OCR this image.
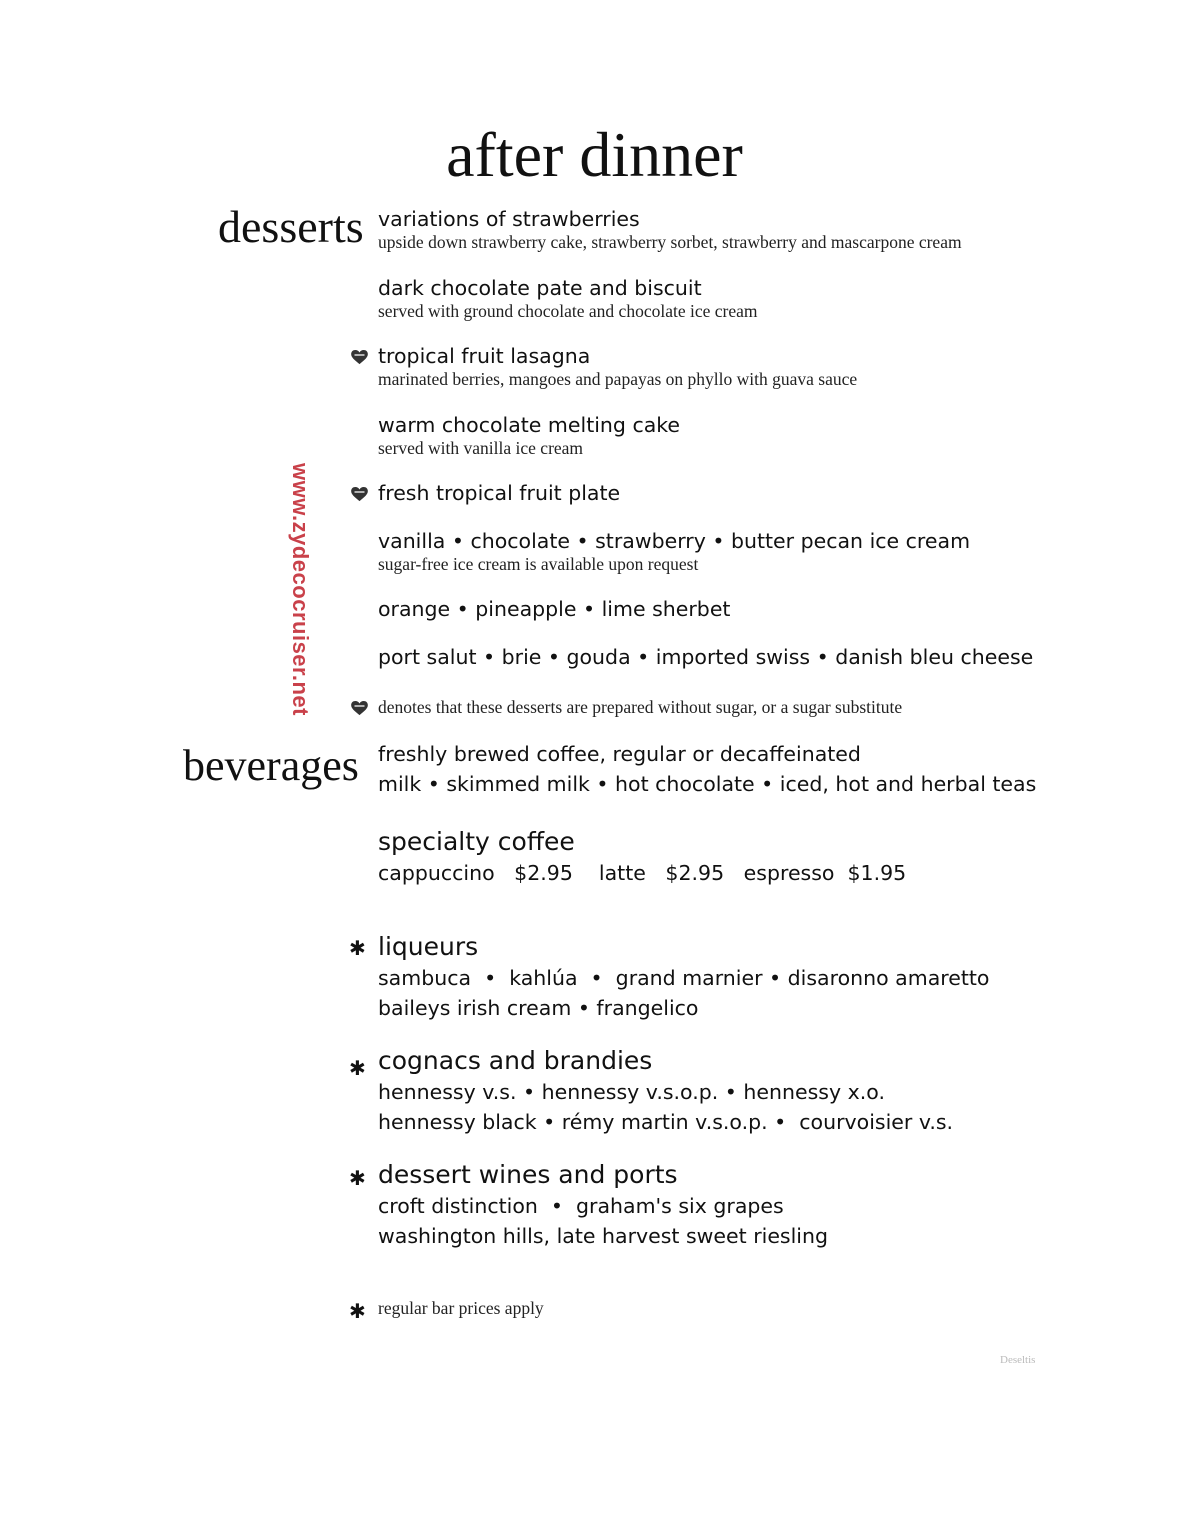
after dinner
desserts variations of strawberries
upside down strawberry cake, strawberry sorbet, strawberry and mascarpone cream
dark chocolate pate and biscuit
served with ground chocolate and chocolate ice cream
tropical fruit lasagna
marinated berries, mangoes and papayas on phyllo with guava sauce
warm chocolate melting cake
served with vanilla ice cream
fresh tropical fruit plate
vanilla • chocolate • strawberry • butter pecan ice cream
sugar-free ice cream is available upon request
orange • pineapple • lime sherbet
port salut • brie • gouda • imported swiss • danish bleu cheese
denotes that these desserts are prepared without sugar, or a sugar substitute
www.zydecocruiser.net
beverages freshly brewed coffee, regular or decaffeinated
milk • skimmed milk • hot chocolate • iced, hot and herbal teas
specialty coffee
cappuccino   $2.95    latte   $2.95   espresso  $1.95
✱ liqueurs
sambuca  •  kahlúa  •  grand marnier • disaronno amaretto
baileys irish cream • frangelico
✱ cognacs and brandies
hennessy v.s. • hennessy v.s.o.p. • hennessy x.o.
hennessy black • rémy martin v.s.o.p. •  courvoisier v.s.
✱ dessert wines and ports
croft distinction  •  graham's six grapes
washington hills, late harvest sweet riesling
✱ regular bar prices apply
Deseltis
